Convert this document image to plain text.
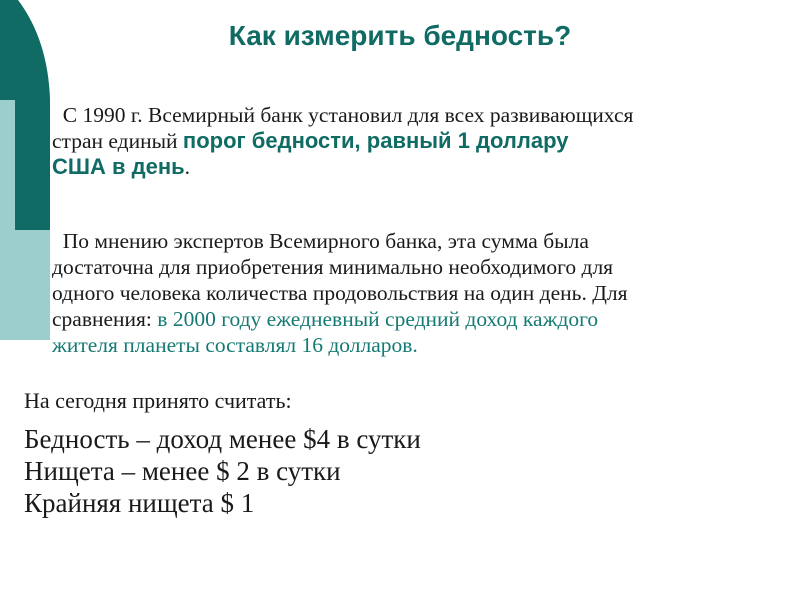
Как измерить бедность?
С 1990 г. Всемирный банк установил для всех развивающихся
стран единый порог бедности, равный 1 доллару
США в день.
По мнению экспертов Всемирного банка, эта сумма была
достаточна для приобретения минимально необходимого для
одного человека количества продовольствия на один день. Для
сравнения: в 2000 году ежедневный средний доход каждого
жителя планеты составлял 16 долларов.
На сегодня принято считать:
Бедность – доход менее $4 в сутки
Нищета – менее $ 2 в сутки
Крайняя нищета $ 1
